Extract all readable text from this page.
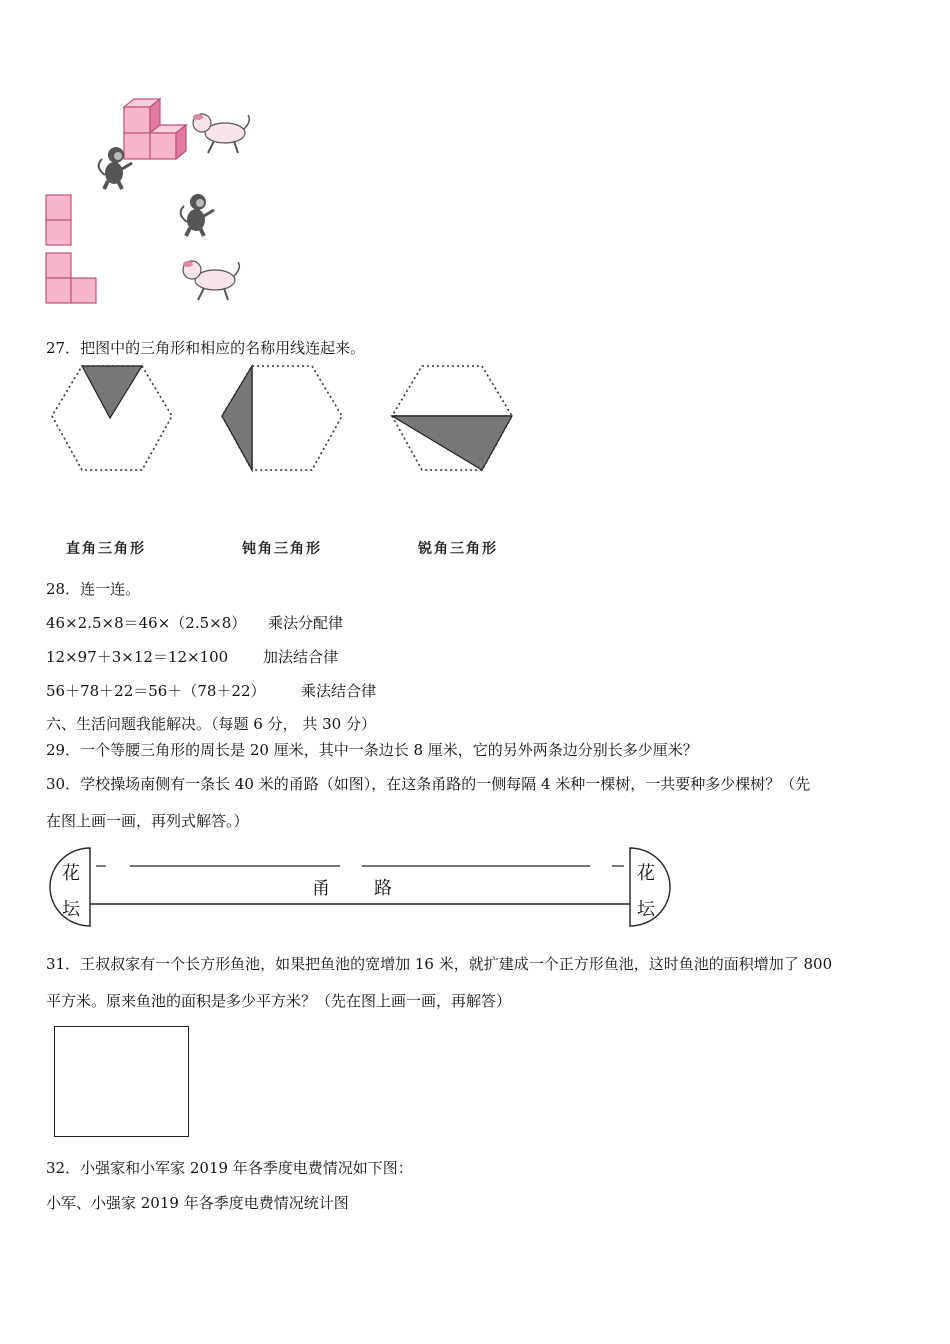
27．把图中的三角形和相应的名称用线连起来。
直角三角形	钝角三角形	锐角三角形
28．连一连。
46×2.5×8＝46×（2.5×8） 乘法分配律
12×97＋3×12＝12×100 加法结合律
56＋78＋22＝56＋（78＋22） 乘法结合律
六、生活问题我能解决。（每题 6 分， 共 30 分）
29．一个等腰三角形的周长是 20 厘米，其中一条边长 8 厘米，它的另外两条边分别长多少厘米？
30．学校操场南侧有一条长 40 米的甬路（如图），在这条甬路的一侧每隔 4 米种一棵树，一共要种多少棵树？（先
在图上画一画，再列式解答。）
花
坛
花
坛
甬 路
31．王叔叔家有一个长方形鱼池，如果把鱼池的宽增加 16 米，就扩建成一个正方形鱼池，这时鱼池的面积增加了 800
平方米。原来鱼池的面积是多少平方米？（先在图上画一画，再解答）
32．小强家和小军家 2019 年各季度电费情况如下图：
小军、小强家 2019 年各季度电费情况统计图
